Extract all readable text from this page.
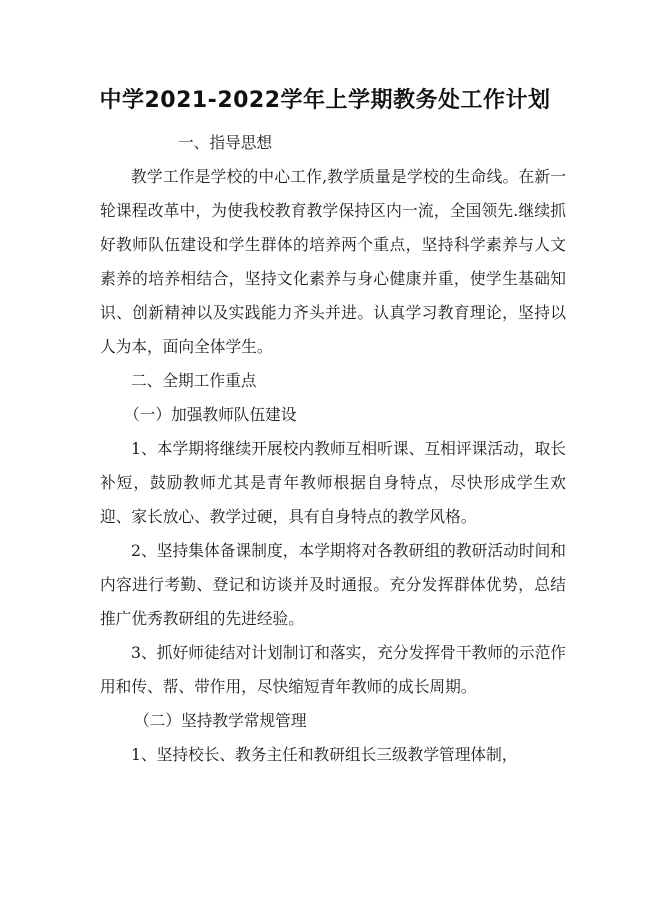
中学2021-2022学年上学期教务处工作计划

一、指导思想

教学工作是学校的中心工作,教学质量是学校的生命线。在新一轮课程改革中，为使我校教育教学保持区内一流，全国领先.继续抓好教师队伍建设和学生群体的培养两个重点，坚持科学素养与人文素养的培养相结合，坚持文化素养与身心健康并重，使学生基础知识、创新精神以及实践能力齐头并进。认真学习教育理论，坚持以人为本，面向全体学生。

二、全期工作重点

（一）加强教师队伍建设

1、本学期将继续开展校内教师互相听课、互相评课活动，取长补短，鼓励教师尤其是青年教师根据自身特点，尽快形成学生欢迎、家长放心、教学过硬，具有自身特点的教学风格。

2、坚持集体备课制度，本学期将对各教研组的教研活动时间和内容进行考勤、登记和访谈并及时通报。充分发挥群体优势，总结推广优秀教研组的先进经验。

3、抓好师徒结对计划制订和落实，充分发挥骨干教师的示范作用和传、帮、带作用，尽快缩短青年教师的成长周期。

（二）坚持教学常规管理

1、坚持校长、教务主任和教研组长三级教学管理体制，
